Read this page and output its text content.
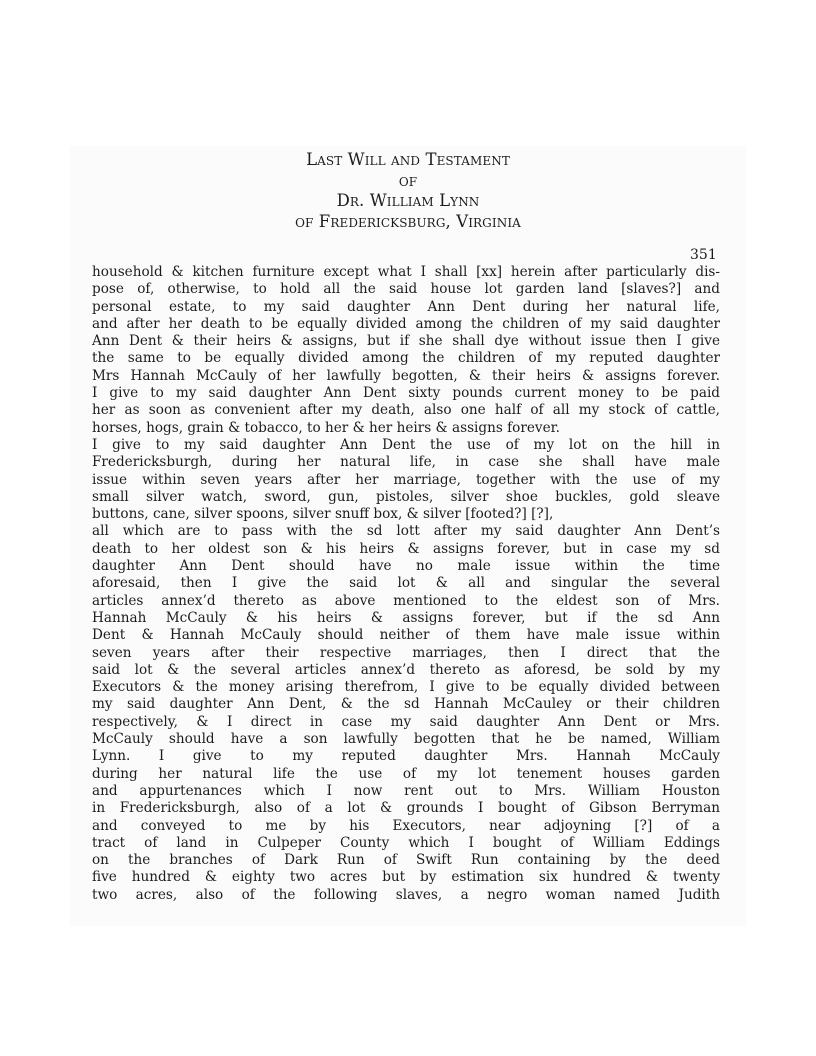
Last Will and Testament
of
Dr. William Lynn
of Fredericksburg, Virginia
351
household & kitchen furniture except what I shall [xx] herein after particularly dis-
pose of, otherwise, to hold all the said house lot garden land [slaves?] and
personal estate, to my said daughter Ann Dent during her natural life,
and after her death to be equally divided among the children of my said daughter
Ann Dent & their heirs & assigns, but if she shall dye without issue then I give
the same to be equally divided among the children of my reputed daughter
Mrs Hannah McCauly of her lawfully begotten, & their heirs & assigns forever.
I give to my said daughter Ann Dent sixty pounds current money to be paid
her as soon as convenient after my death, also one half of all my stock of cattle,
horses, hogs, grain & tobacco, to her & her heirs & assigns forever.
I give to my said daughter Ann Dent the use of my lot on the hill in
Fredericksburgh, during her natural life, in case she shall have male
issue within seven years after her marriage, together with the use of my
small silver watch, sword, gun, pistoles, silver shoe buckles, gold sleave
buttons, cane, silver spoons, silver snuff box, & silver [footed?] [?],
all which are to pass with the sd lott after my said daughter Ann Dent’s
death to her oldest son & his heirs & assigns forever, but in case my sd
daughter Ann Dent should have no male issue within the time
aforesaid, then I give the said lot & all and singular the several
articles annex’d thereto as above mentioned to the eldest son of Mrs.
Hannah McCauly & his heirs & assigns forever, but if the sd Ann
Dent & Hannah McCauly should neither of them have male issue within
seven years after their respective marriages, then I direct that the
said lot & the several articles annex’d thereto as aforesd, be sold by my
Executors & the money arising therefrom, I give to be equally divided between
my said daughter Ann Dent, & the sd Hannah McCauley or their children
respectively, & I direct in case my said daughter Ann Dent or Mrs.
McCauly should have a son lawfully begotten that he be named, William
Lynn. I give to my reputed daughter Mrs. Hannah McCauly
during her natural life the use of my lot tenement houses garden
and appurtenances which I now rent out to Mrs. William Houston
in Fredericksburgh, also of a lot & grounds I bought of Gibson Berryman
and conveyed to me by his Executors, near adjoyning [?] of a
tract of land in Culpeper County which I bought of William Eddings
on the branches of Dark Run of Swift Run containing by the deed
five hundred & eighty two acres but by estimation six hundred & twenty
two acres, also of the following slaves, a negro woman named Judith
